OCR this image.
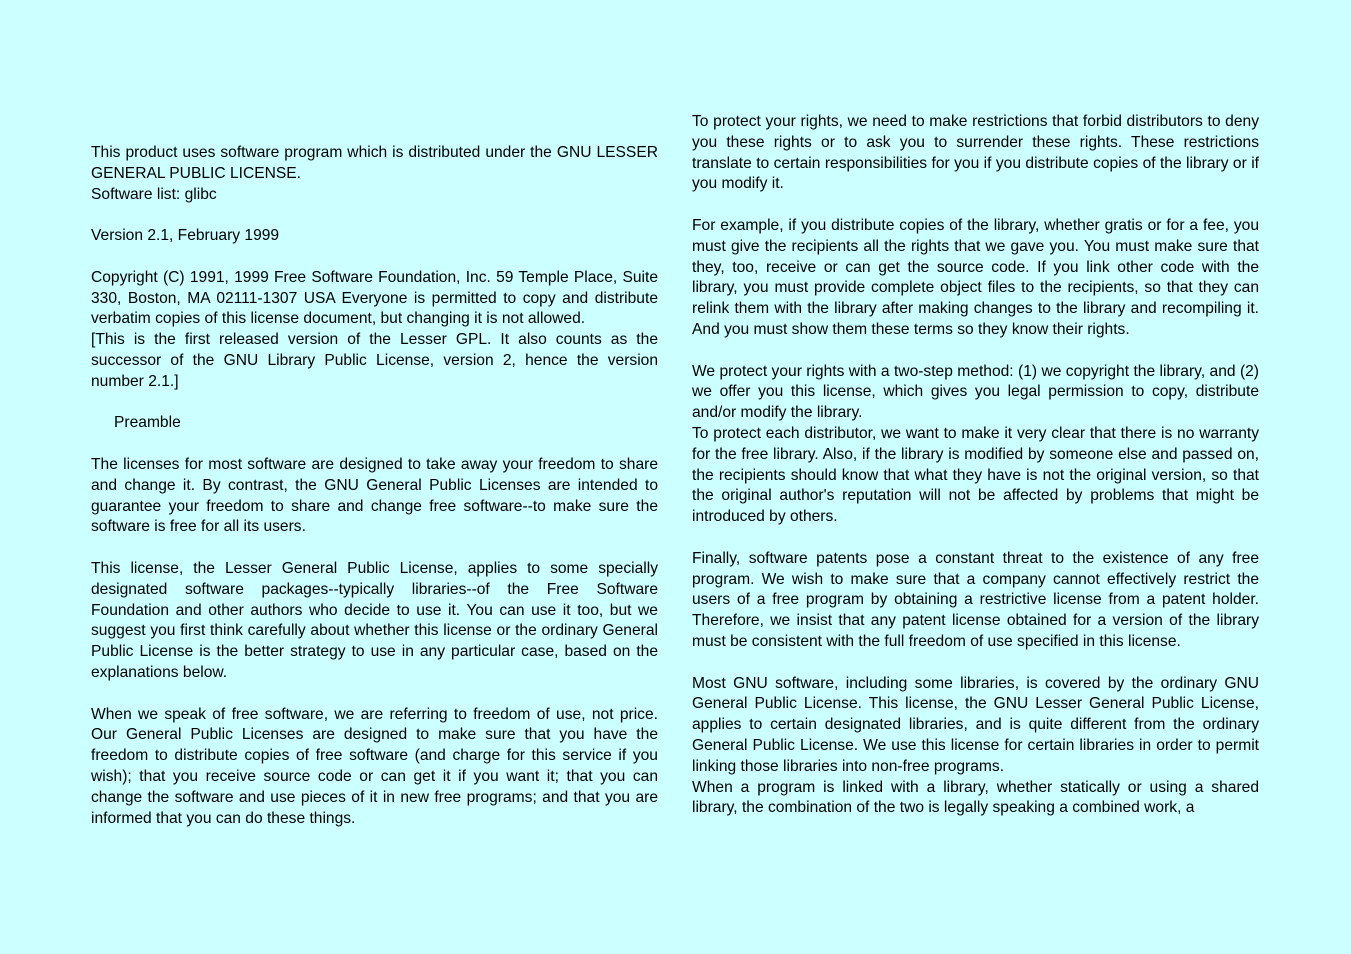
This product uses software program which is distributed under the GNU LESSER GENERAL PUBLIC LICENSE.
Software list: glibc
Version 2.1, February 1999
Copyright (C) 1991, 1999 Free Software Foundation, Inc. 59 Temple Place, Suite 330, Boston, MA 02111-1307 USA Everyone is permitted to copy and distribute verbatim copies of this license document, but changing it is not allowed.
[This is the first released version of the Lesser GPL. It also counts as the successor of the GNU Library Public License, version 2, hence the version number 2.1.]
Preamble
The licenses for most software are designed to take away your freedom to share and change it. By contrast, the GNU General Public Licenses are intended to guarantee your freedom to share and change free software--to make sure the software is free for all its users.
This license, the Lesser General Public License, applies to some specially designated software packages--typically libraries--of the Free Software Foundation and other authors who decide to use it. You can use it too, but we suggest you first think carefully about whether this license or the ordinary General Public License is the better strategy to use in any particular case, based on the explanations below.
When we speak of free software, we are referring to freedom of use, not price. Our General Public Licenses are designed to make sure that you have the freedom to distribute copies of free software (and charge for this service if you wish); that you receive source code or can get it if you want it; that you can change the software and use pieces of it in new free programs; and that you are informed that you can do these things.
To protect your rights, we need to make restrictions that forbid distributors to deny you these rights or to ask you to surrender these rights. These restrictions translate to certain responsibilities for you if you distribute copies of the library or if you modify it.
For example, if you distribute copies of the library, whether gratis or for a fee, you must give the recipients all the rights that we gave you. You must make sure that they, too, receive or can get the source code. If you link other code with the library, you must provide complete object files to the recipients, so that they can relink them with the library after making changes to the library and recompiling it. And you must show them these terms so they know their rights.
We protect your rights with a two-step method: (1) we copyright the library, and (2) we offer you this license, which gives you legal permission to copy, distribute and/or modify the library.
To protect each distributor, we want to make it very clear that there is no warranty for the free library. Also, if the library is modified by someone else and passed on, the recipients should know that what they have is not the original version, so that the original author's reputation will not be affected by problems that might be introduced by others.
Finally, software patents pose a constant threat to the existence of any free program. We wish to make sure that a company cannot effectively restrict the users of a free program by obtaining a restrictive license from a patent holder. Therefore, we insist that any patent license obtained for a version of the library must be consistent with the full freedom of use specified in this license.
Most GNU software, including some libraries, is covered by the ordinary GNU General Public License. This license, the GNU Lesser General Public License, applies to certain designated libraries, and is quite different from the ordinary General Public License. We use this license for certain libraries in order to permit linking those libraries into non-free programs.
When a program is linked with a library, whether statically or using a shared library, the combination of the two is legally speaking a combined work, a
